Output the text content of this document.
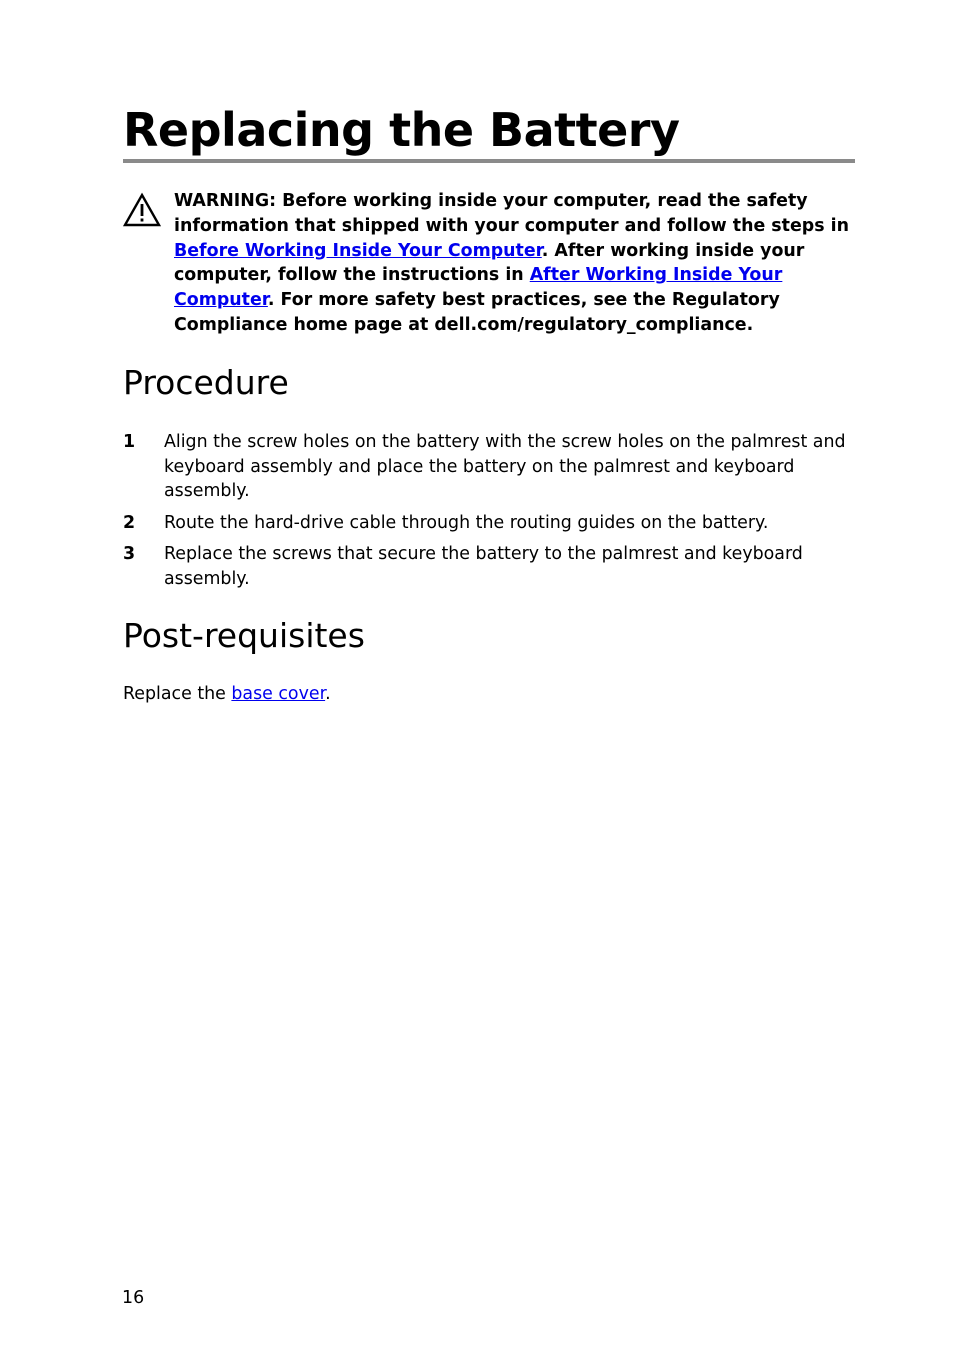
Replacing the Battery

WARNING: Before working inside your computer, read the safety information that shipped with your computer and follow the steps in Before Working Inside Your Computer. After working inside your computer, follow the instructions in After Working Inside Your Computer. For more safety best practices, see the Regulatory Compliance home page at dell.com/regulatory_compliance.

Procedure
1 Align the screw holes on the battery with the screw holes on the palmrest and keyboard assembly and place the battery on the palmrest and keyboard assembly.
2 Route the hard-drive cable through the routing guides on the battery.
3 Replace the screws that secure the battery to the palmrest and keyboard assembly.
Post-requisites

Replace the base cover.

16
